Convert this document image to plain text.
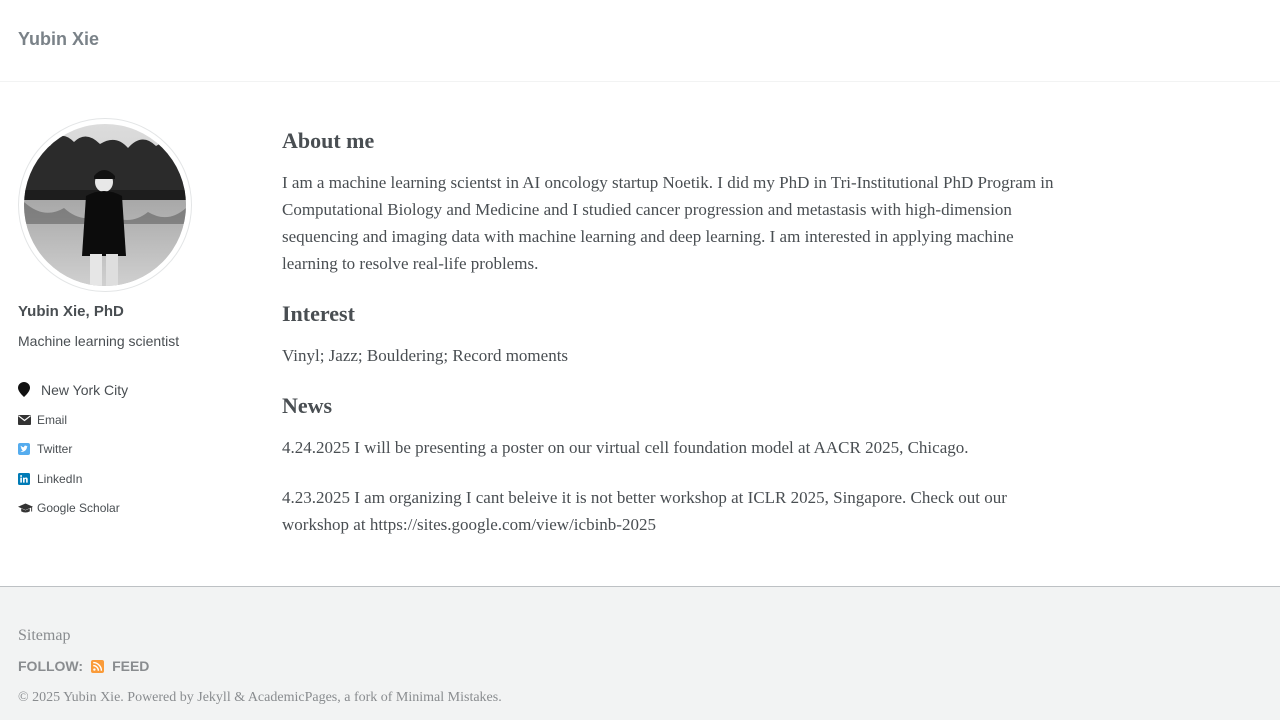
Yubin Xie
Yubin Xie, PhD
Machine learning scientist
New York City
Email
Twitter
LinkedIn
Google Scholar
About me

I am a machine learning scientst in AI oncology startup Noetik. I did my PhD in Tri-Institutional PhD Program in Computational Biology and Medicine and I studied cancer progression and metastasis with high-dimension sequencing and imaging data with machine learning and deep learning. I am interested in applying machine learning to resolve real-life problems.

Interest

Vinyl; Jazz; Bouldering; Record moments

News

4.24.2025 I will be presenting a poster on our virtual cell foundation model at AACR 2025, Chicago.

4.23.2025 I am organizing I cant beleive it is not better workshop at ICLR 2025, Singapore. Check out our workshop at https://sites.google.com/view/icbinb-2025

Sitemap
FOLLOW: FEED
© 2025 Yubin Xie. Powered by Jekyll & AcademicPages, a fork of Minimal Mistakes.
